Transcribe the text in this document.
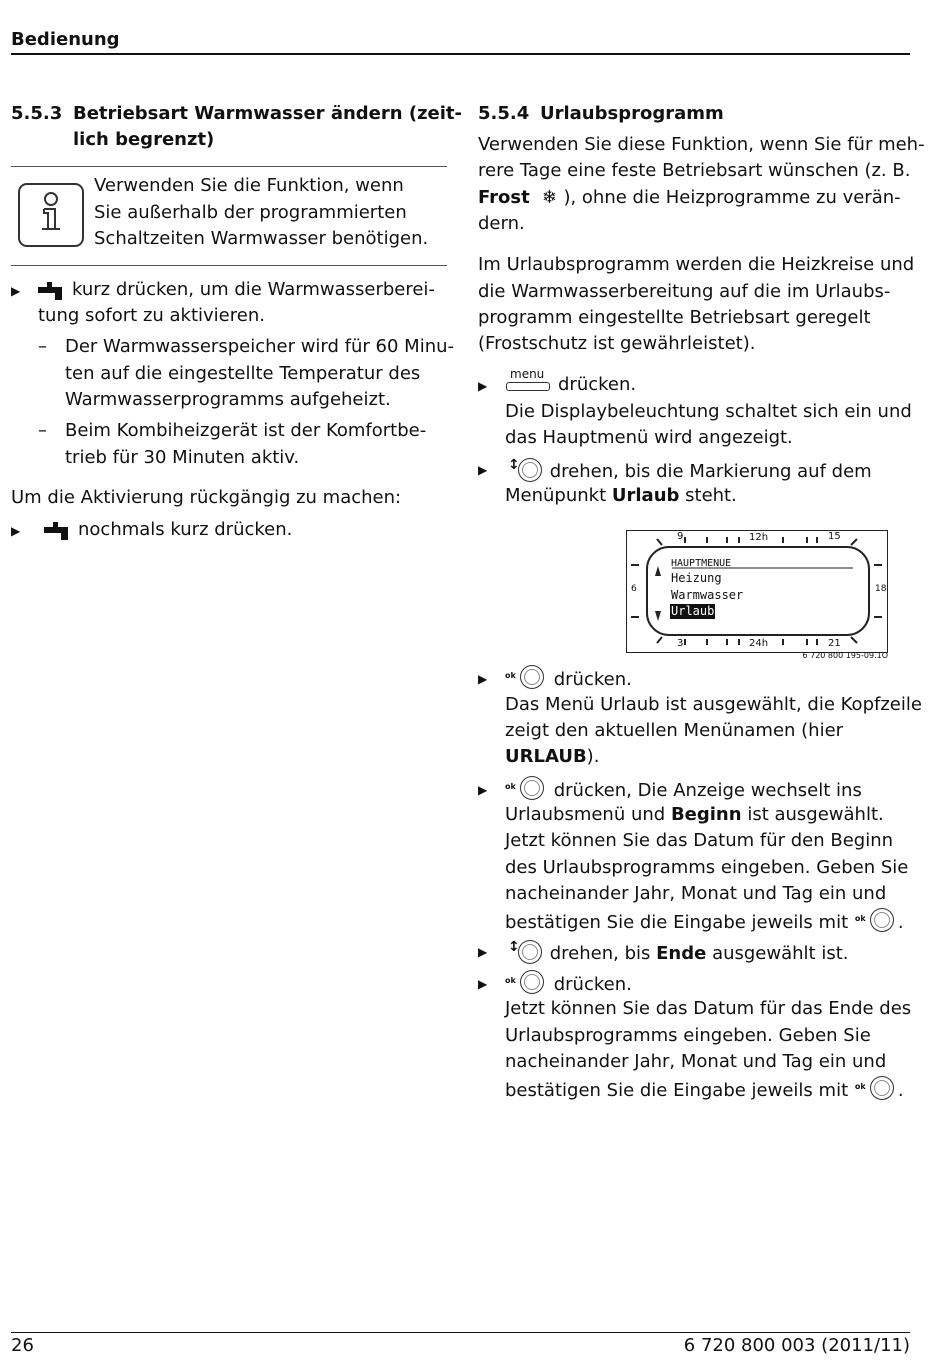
Bedienung
26	6 720 800 003 (2011/11)
5.5.3 Betriebsart Warmwasser ändern (zeit-
lich begrenzt)
Verwenden Sie die Funktion, wenn
Sie außerhalb der programmierten
Schaltzeiten Warmwasser benötigen.
▶	kurz drücken, um die Warmwasserberei-
tung sofort zu aktivieren.
– Der Warmwasserspeicher wird für 60 Minu-
ten auf die eingestellte Temperatur des
Warmwasserprogramms aufgeheizt.
– Beim Kombiheizgerät ist der Komfortbe-
trieb für 30 Minuten aktiv.
Um die Aktivierung rückgängig zu machen:
▶	nochmals kurz drücken.
5.5.4 Urlaubsprogramm
Verwenden Sie diese Funktion, wenn Sie für meh-
rere Tage eine feste Betriebsart wünschen (z. B.
Frost ❄ ), ohne die Heizprogramme zu verän-
dern.
Im Urlaubsprogramm werden die Heizkreise und
die Warmwasserbereitung auf die im Urlaubs-
programm eingestellte Betriebsart geregelt
(Frostschutz ist gewährleistet).
▶
menu drücken.
Die Displaybeleuchtung schaltet sich ein und
das Hauptmenü wird angezeigt.
▶ ↕ drehen, bis die Markierung auf dem
Menüpunkt Urlaub steht.
9	12h	15
3	24h	21
6	18
HAUPTMENUE
Heizung
Warmwasser
Urlaub
6 720 800 195-09.1O
▶ ok drücken.
Das Menü Urlaub ist ausgewählt, die Kopfzeile
zeigt den aktuellen Menünamen (hier
URLAUB).
▶ ok drücken, Die Anzeige wechselt ins
Urlaubsmenü und Beginn ist ausgewählt.
Jetzt können Sie das Datum für den Beginn
des Urlaubsprogramms eingeben. Geben Sie
nacheinander Jahr, Monat und Tag ein und
bestätigen Sie die Eingabe jeweils mit ok .
▶ ↕ drehen, bis Ende ausgewählt ist.
▶ ok drücken.
Jetzt können Sie das Datum für das Ende des
Urlaubsprogramms eingeben. Geben Sie
nacheinander Jahr, Monat und Tag ein und
bestätigen Sie die Eingabe jeweils mit ok .
